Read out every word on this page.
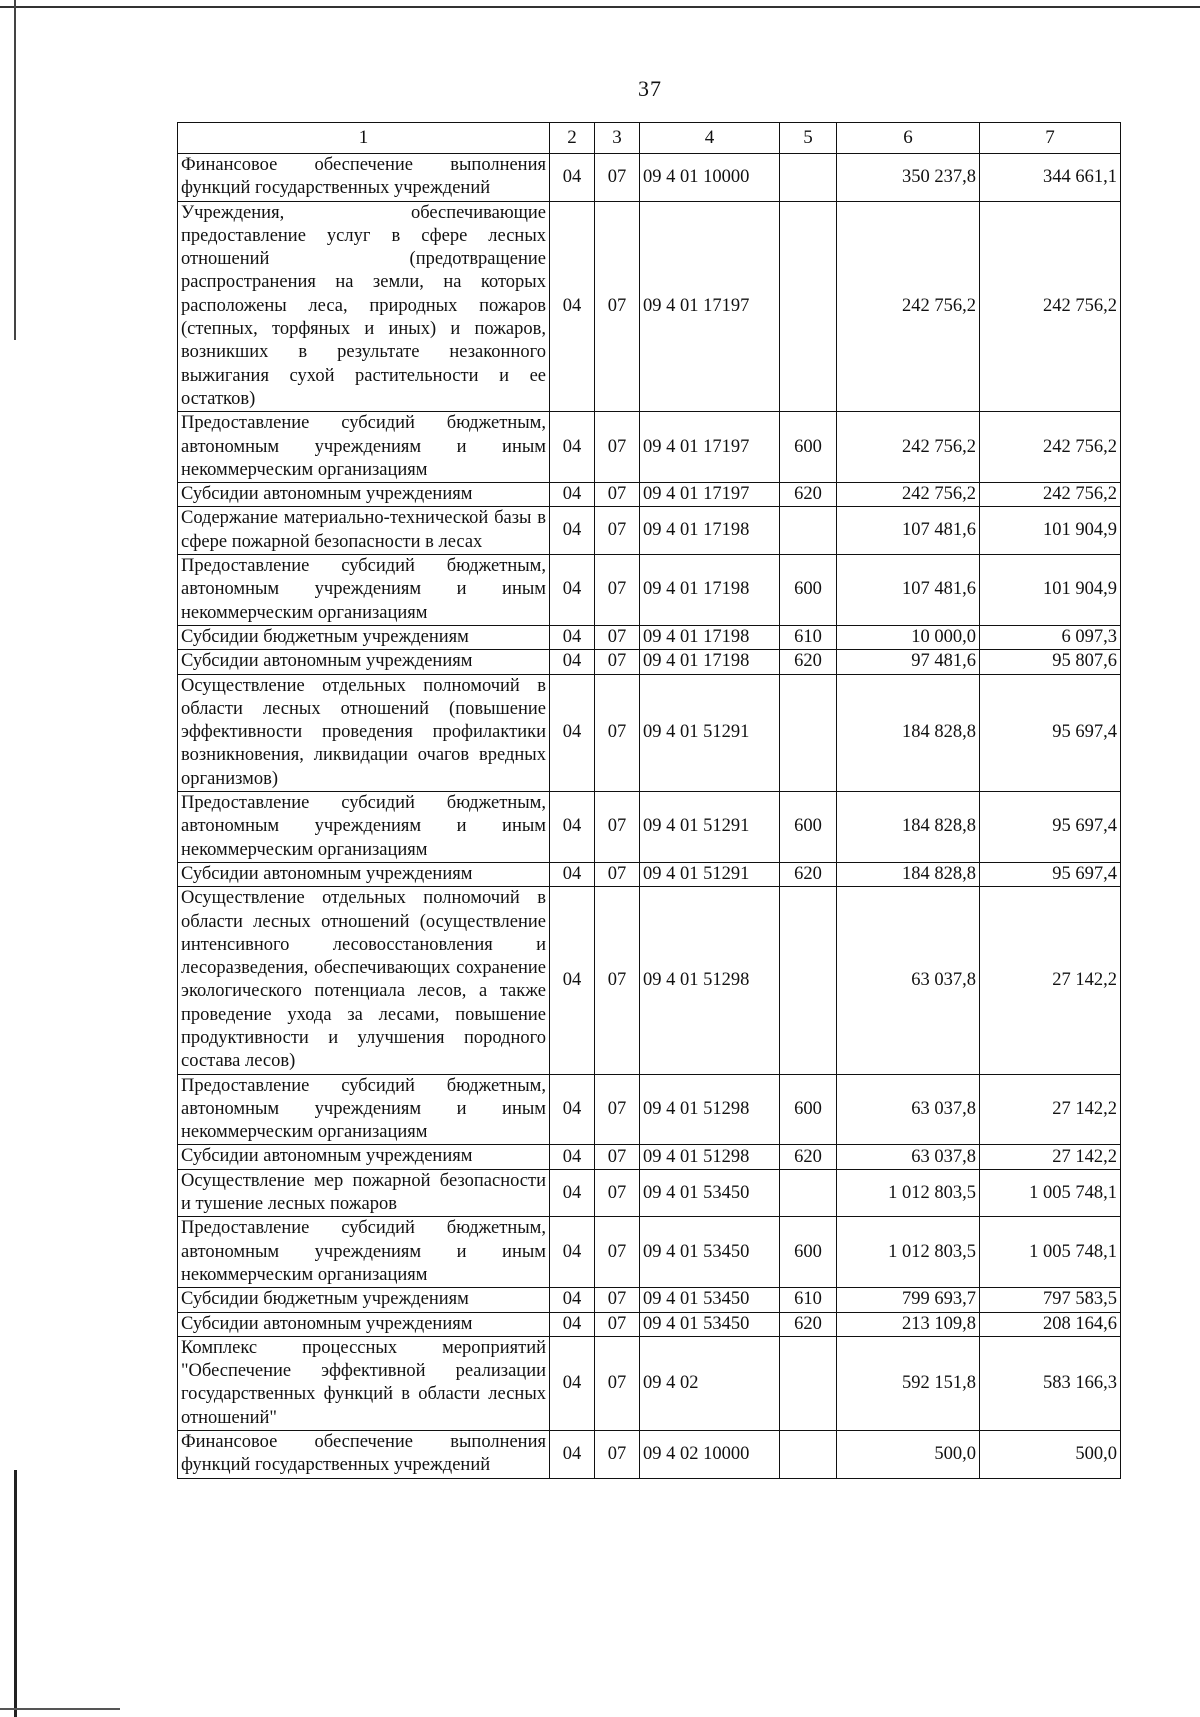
37
1	2	3	4	5	6	7
Финансовое обеспечение выполнения функций государственных учреждений	04	07	09 4 01 10000		350 237,8	344 661,1
Учреждения, обеспечивающие предоставление услуг в сфере лесных отношений (предотвращение распространения на земли, на которых расположены леса, природных пожаров (степных, торфяных и иных) и пожаров, возникших в результате незаконного выжигания сухой растительности и ее остатков)	04	07	09 4 01 17197		242 756,2	242 756,2
Предоставление субсидий бюджетным, автономным учреждениям и иным некоммерческим организациям	04	07	09 4 01 17197	600	242 756,2	242 756,2
Субсидии автономным учреждениям	04	07	09 4 01 17197	620	242 756,2	242 756,2
Содержание материально-технической базы в сфере пожарной безопасности в лесах	04	07	09 4 01 17198		107 481,6	101 904,9
Предоставление субсидий бюджетным, автономным учреждениям и иным некоммерческим организациям	04	07	09 4 01 17198	600	107 481,6	101 904,9
Субсидии бюджетным учреждениям	04	07	09 4 01 17198	610	10 000,0	6 097,3
Субсидии автономным учреждениям	04	07	09 4 01 17198	620	97 481,6	95 807,6
Осуществление отдельных полномочий в области лесных отношений (повышение эффективности проведения профилактики возникновения, ликвидации очагов вредных организмов)	04	07	09 4 01 51291		184 828,8	95 697,4
Предоставление субсидий бюджетным, автономным учреждениям и иным некоммерческим организациям	04	07	09 4 01 51291	600	184 828,8	95 697,4
Субсидии автономным учреждениям	04	07	09 4 01 51291	620	184 828,8	95 697,4
Осуществление отдельных полномочий в области лесных отношений (осуществление интенсивного лесовосстановления и лесоразведения, обеспечивающих сохранение экологического потенциала лесов, а также проведение ухода за лесами, повышение продуктивности и улучшения породного состава лесов)	04	07	09 4 01 51298		63 037,8	27 142,2
Предоставление субсидий бюджетным, автономным учреждениям и иным некоммерческим организациям	04	07	09 4 01 51298	600	63 037,8	27 142,2
Субсидии автономным учреждениям	04	07	09 4 01 51298	620	63 037,8	27 142,2
Осуществление мер пожарной безопасности и тушение лесных пожаров	04	07	09 4 01 53450		1 012 803,5	1 005 748,1
Предоставление субсидий бюджетным, автономным учреждениям и иным некоммерческим организациям	04	07	09 4 01 53450	600	1 012 803,5	1 005 748,1
Субсидии бюджетным учреждениям	04	07	09 4 01 53450	610	799 693,7	797 583,5
Субсидии автономным учреждениям	04	07	09 4 01 53450	620	213 109,8	208 164,6
Комплекс процессных мероприятий "Обеспечение эффективной реализации государственных функций в области лесных отношений"	04	07	09 4 02		592 151,8	583 166,3
Финансовое обеспечение выполнения функций государственных учреждений	04	07	09 4 02 10000		500,0	500,0
